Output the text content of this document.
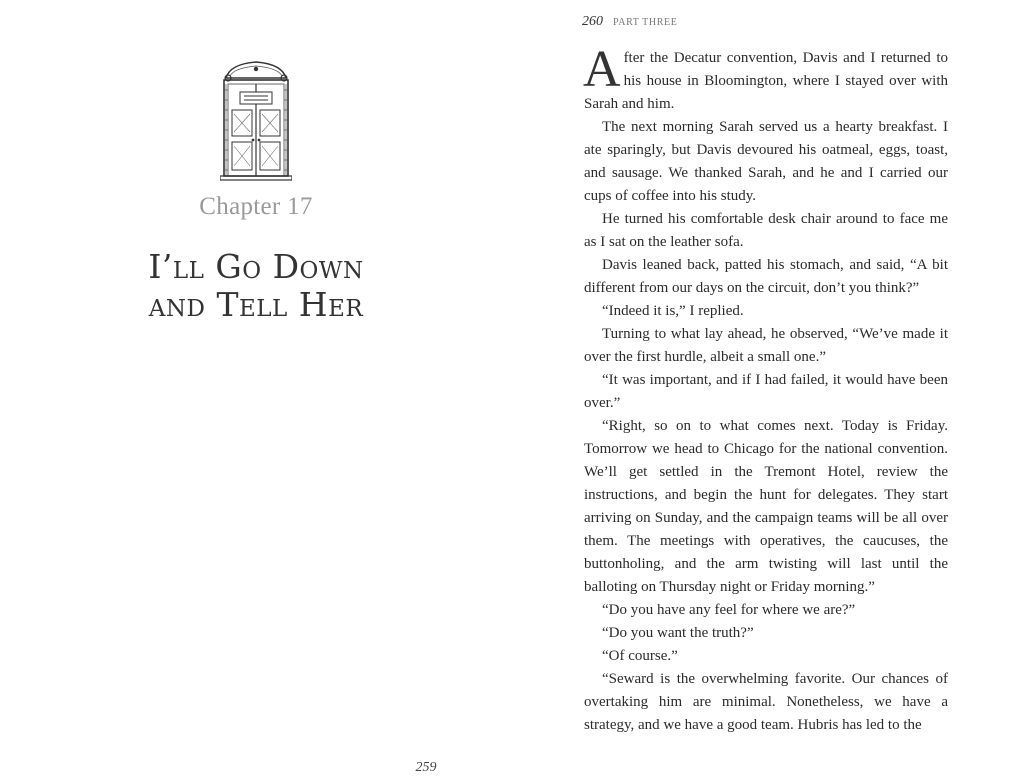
Chapter 17
I’ll Go Down
and Tell Her
259
260 PART THREE

After the Decatur convention, Davis and I returned to his house in Bloomington, where I stayed over with Sarah and him.

The next morning Sarah served us a hearty breakfast. I ate sparingly, but Davis devoured his oatmeal, eggs, toast, and sausage. We thanked Sarah, and he and I carried our cups of coffee into his study.

He turned his comfortable desk chair around to face me as I sat on the leather sofa.

Davis leaned back, patted his stomach, and said, “A bit different from our days on the circuit, don’t you think?”

“Indeed it is,” I replied.

Turning to what lay ahead, he observed, “We’ve made it over the first hurdle, albeit a small one.”

“It was important, and if I had failed, it would have been over.”

“Right, so on to what comes next. Today is Friday. Tomorrow we head to Chicago for the national convention. We’ll get settled in the Tremont Hotel, review the instructions, and begin the hunt for delegates. They start arriving on Sunday, and the campaign teams will be all over them. The meetings with operatives, the caucuses, the buttonholing, and the arm twisting will last until the balloting on Thursday night or Friday morning.”

“Do you have any feel for where we are?”

“Do you want the truth?”

“Of course.”

“Seward is the overwhelming favorite. Our chances of overtaking him are minimal. Nonetheless, we have a strategy, and we have a good team. Hubris has led to the
